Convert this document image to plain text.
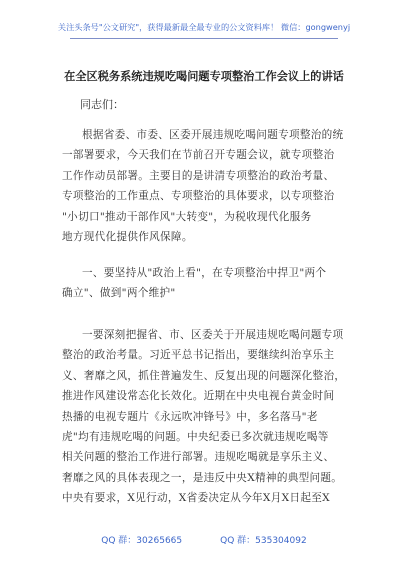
关注头条号"公文研究"，获得最新最全最专业的公文资料库！ 微信：gongwenyj
在全区税务系统违规吃喝问题专项整治工作会议上的讲话
同志们：
根据省委、市委、区委开展违规吃喝问题专项整治的统
一部署要求，今天我们在节前召开专题会议，就专项整治
工作作动员部署。主要目的是讲清专项整治的政治考量、
专项整治的工作重点、专项整治的具体要求，以专项整治
"小切口"推动干部作风"大转变"，为税收现代化服务
地方现代化提供作风保障。
一、要坚持从"政治上看"，在专项整治中捍卫"两个
确立"、做到"两个维护"
一要深刻把握省、市、区委关于开展违规吃喝问题专项
整治的政治考量。习近平总书记指出，要继续纠治享乐主
义、奢靡之风，抓住普遍发生、反复出现的问题深化整治，
推进作风建设常态化长效化。近期在中央电视台黄金时间
热播的电视专题片《永远吹冲锋号》中，多名落马"老
虎"均有违规吃喝的问题。中央纪委已多次就违规吃喝等
相关问题的整治工作进行部署。违规吃喝就是享乐主义、
奢靡之风的具体表现之一，是违反中央X精神的典型问题。
中央有要求，X见行动，X省委决定从今年X月X日起至X
QQ 群：30265665	QQ 群：535304092
